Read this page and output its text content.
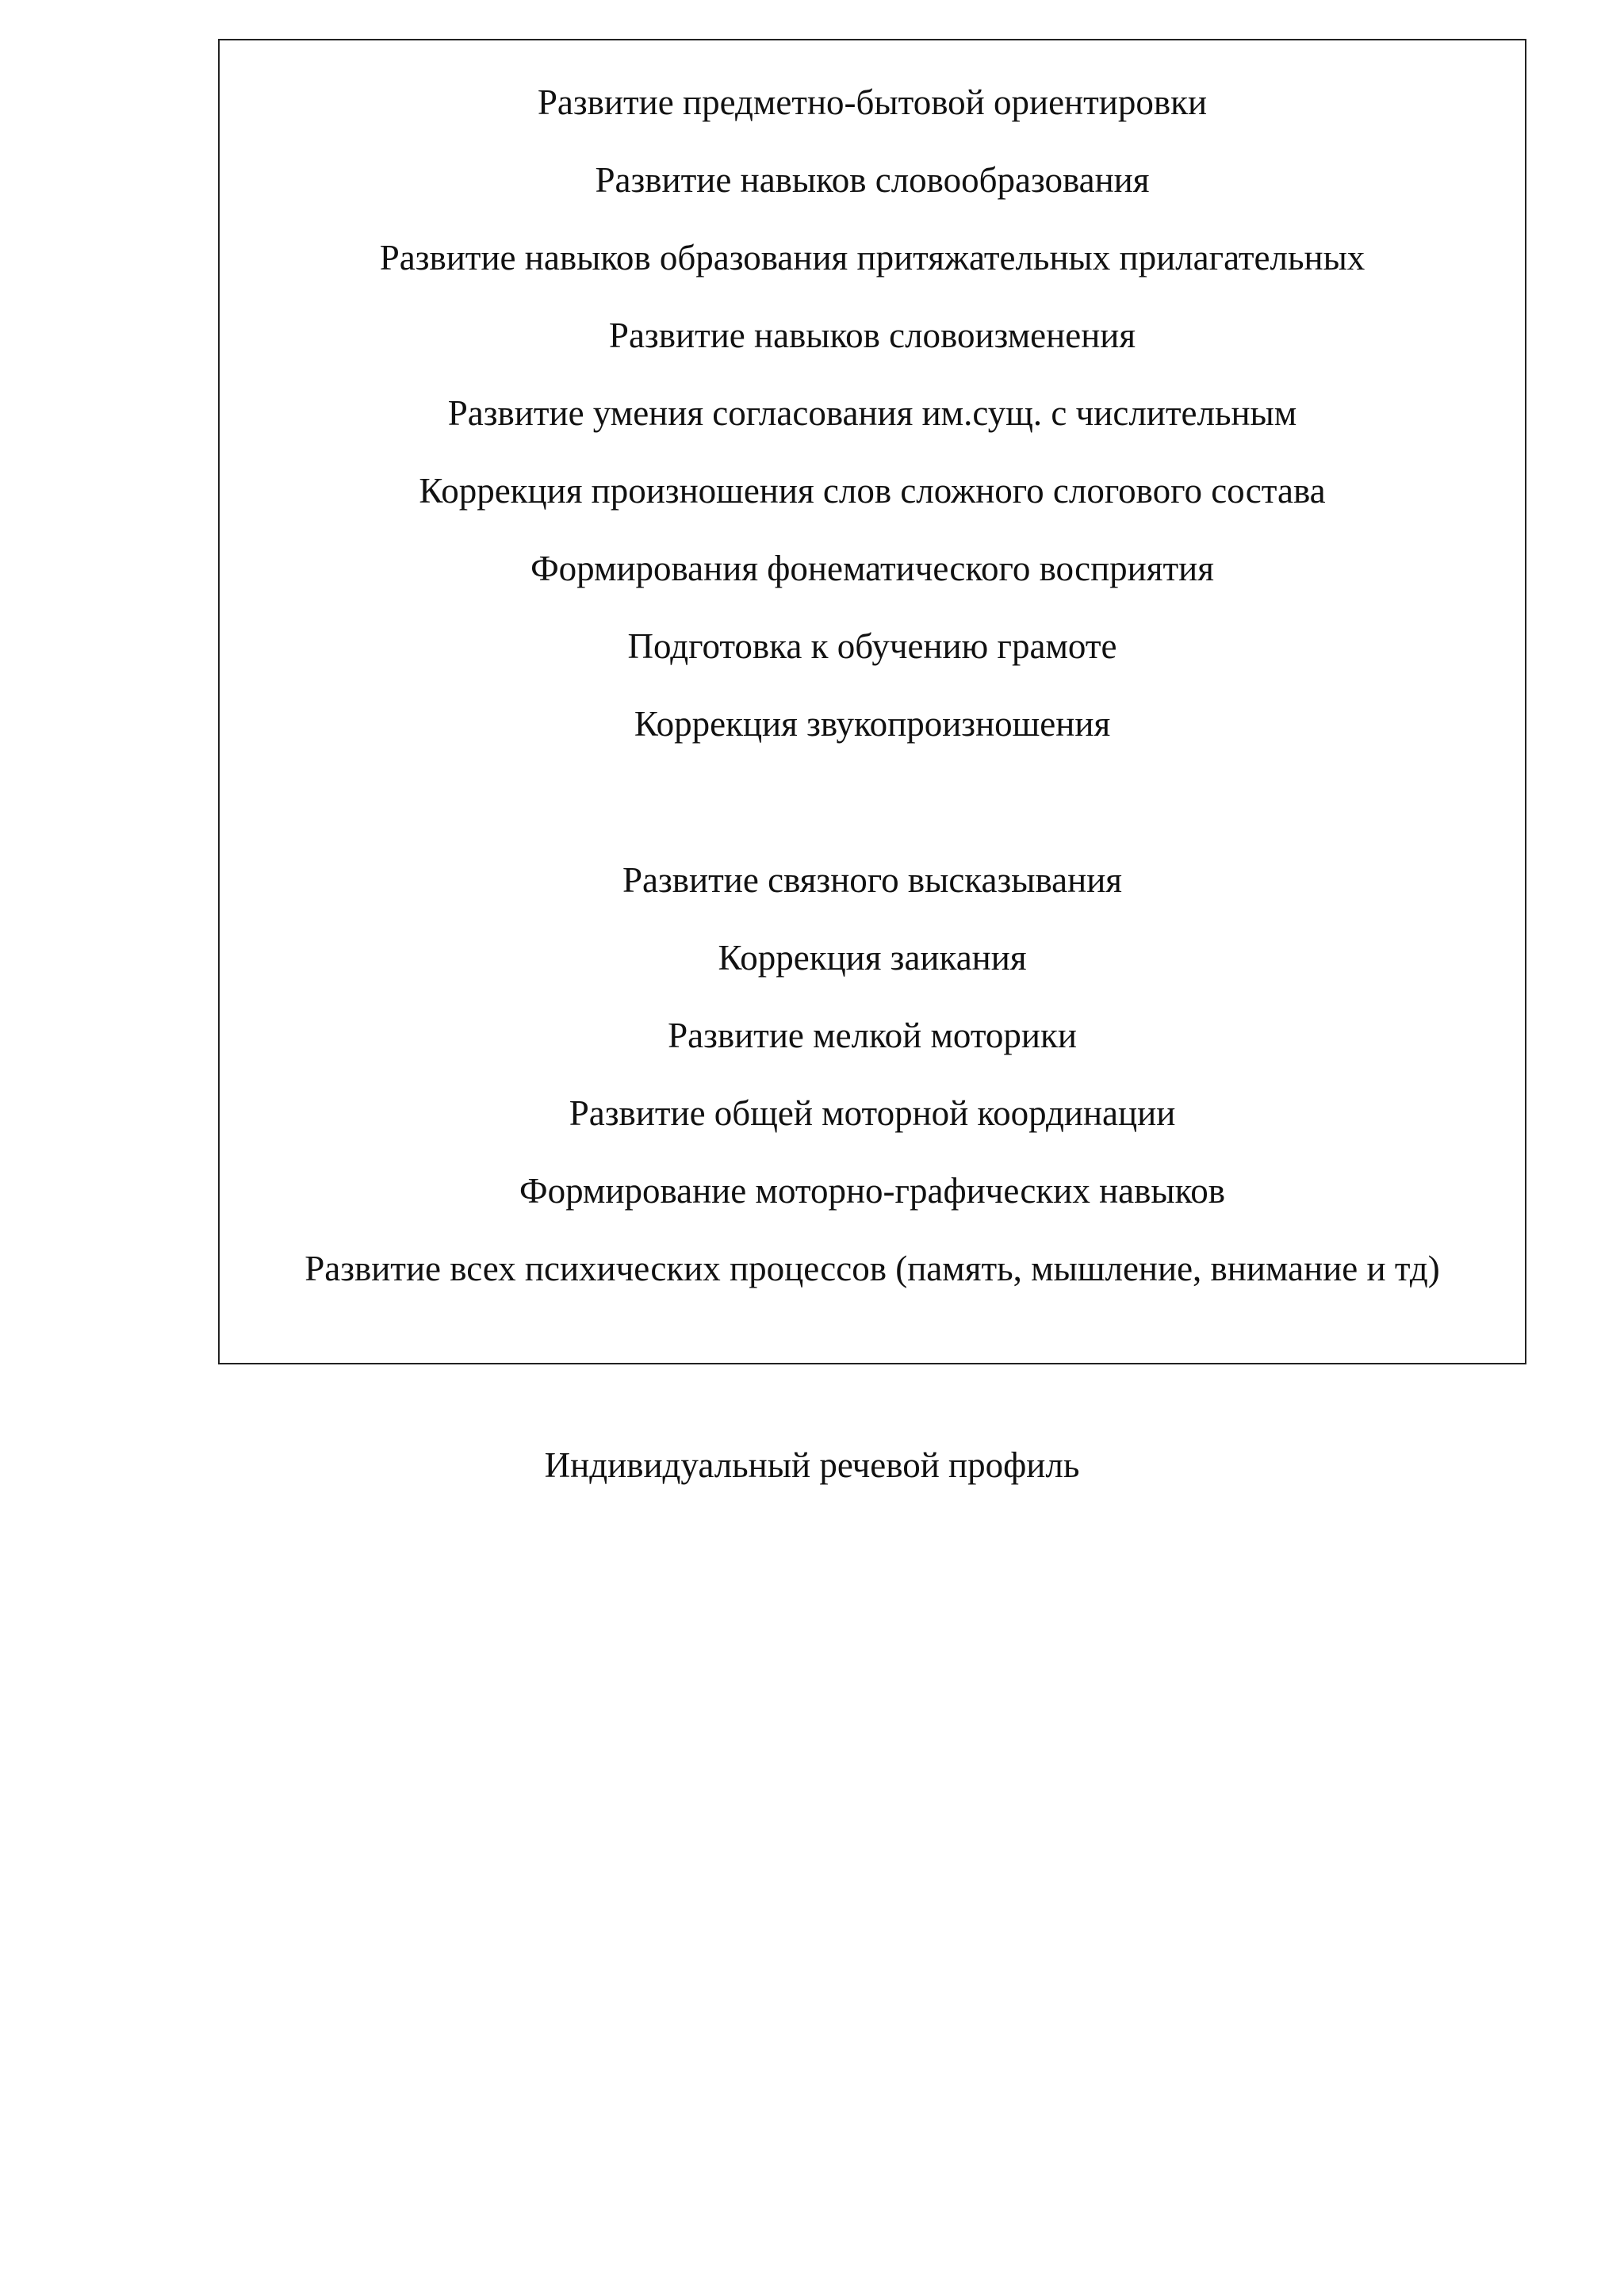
Развитие предметно-бытовой ориентировки
Развитие навыков словообразования
Развитие навыков образования притяжательных прилагательных
Развитие навыков словоизменения
Развитие умения согласования им.сущ. с числительным
Коррекция произношения слов сложного слогового состава
Формирования фонематического восприятия
Подготовка к обучению грамоте
Коррекция звукопроизношения
Развитие связного высказывания
Коррекция заикания
Развитие мелкой моторики
Развитие общей моторной координации
Формирование моторно-графических навыков
Развитие всех психических процессов (память, мышление, внимание и тд)
Индивидуальный речевой профиль
